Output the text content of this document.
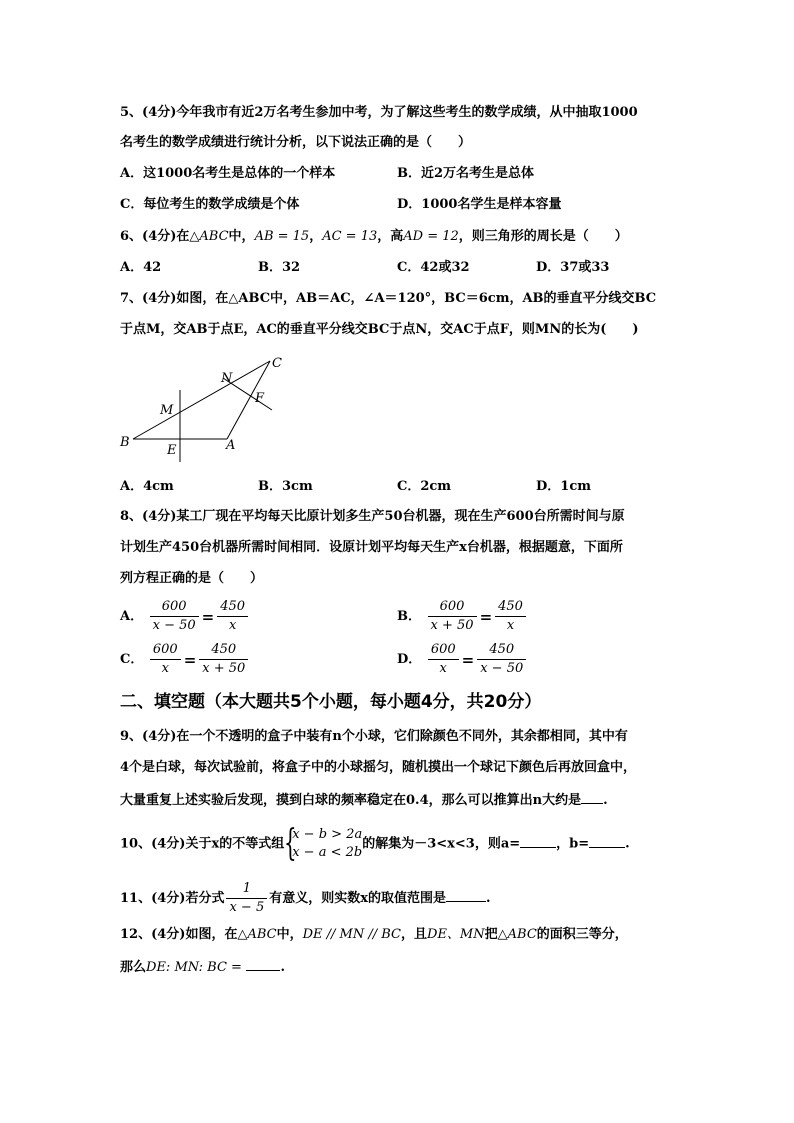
5、(4分)今年我市有近2万名考生参加中考，为了解这些考生的数学成绩，从中抽取1000
名考生的数学成绩进行统计分析，以下说法正确的是（　　）
A．这1000名考生是总体的一个样本	B．近2万名考生是总体
C．每位考生的数学成绩是个体	D．1000名学生是样本容量
6、(4分)在△ABC中，AB = 15，AC = 13，高AD = 12，则三角形的周长是（　　）
A．42	B．32	C．42或32	D．37或33
7、(4分)如图，在△ABC中，AB＝AC，∠A＝120°，BC＝6cm，AB的垂直平分线交BC
于点M，交AB于点E，AC的垂直平分线交BC于点N，交AC于点F，则MN的长为(　　)
C
N
M
F
B
E	A
A．4cm	B．3cm	C．2cm	D．1cm
8、(4分)某工厂现在平均每天比原计划多生产50台机器，现在生产600台所需时间与原
计划生产450台机器所需时间相同．设原计划平均每天生产x台机器，根据题意，下面所
列方程正确的是（　　）
A． $\frac{600}{x - 50} = \frac{450}{x}$	B． $\frac{600}{x + 50} = \frac{450}{x}$
C． $\frac{600}{x} = \frac{450}{x + 50}$	D． $\frac{600}{x} = \frac{450}{x - 50}$
二、填空题（本大题共5个小题，每小题4分，共20分）
9、(4分)在一个不透明的盒子中装有n个小球，它们除颜色不同外，其余都相同，其中有
4个是白球，每次试验前，将盒子中的小球摇匀，随机摸出一个球记下颜色后再放回盒中，
大量重复上述实验后发现，摸到白球的频率稳定在0.4，那么可以推算出n大约是 .
10、(4分)关于x的不等式组 {
x − b > 2a
x − a < 2b
的解集为－3<x<3，则a=	，b=	.
11、(4分)若分式 $\frac{1}{x - 5}$ 有意义，则实数x的取值范围是	.
12、(4分)如图，在△ABC中，DE // MN // BC，且DE、MN把△ABC的面积三等分，
那么DE: MN: BC =	.
